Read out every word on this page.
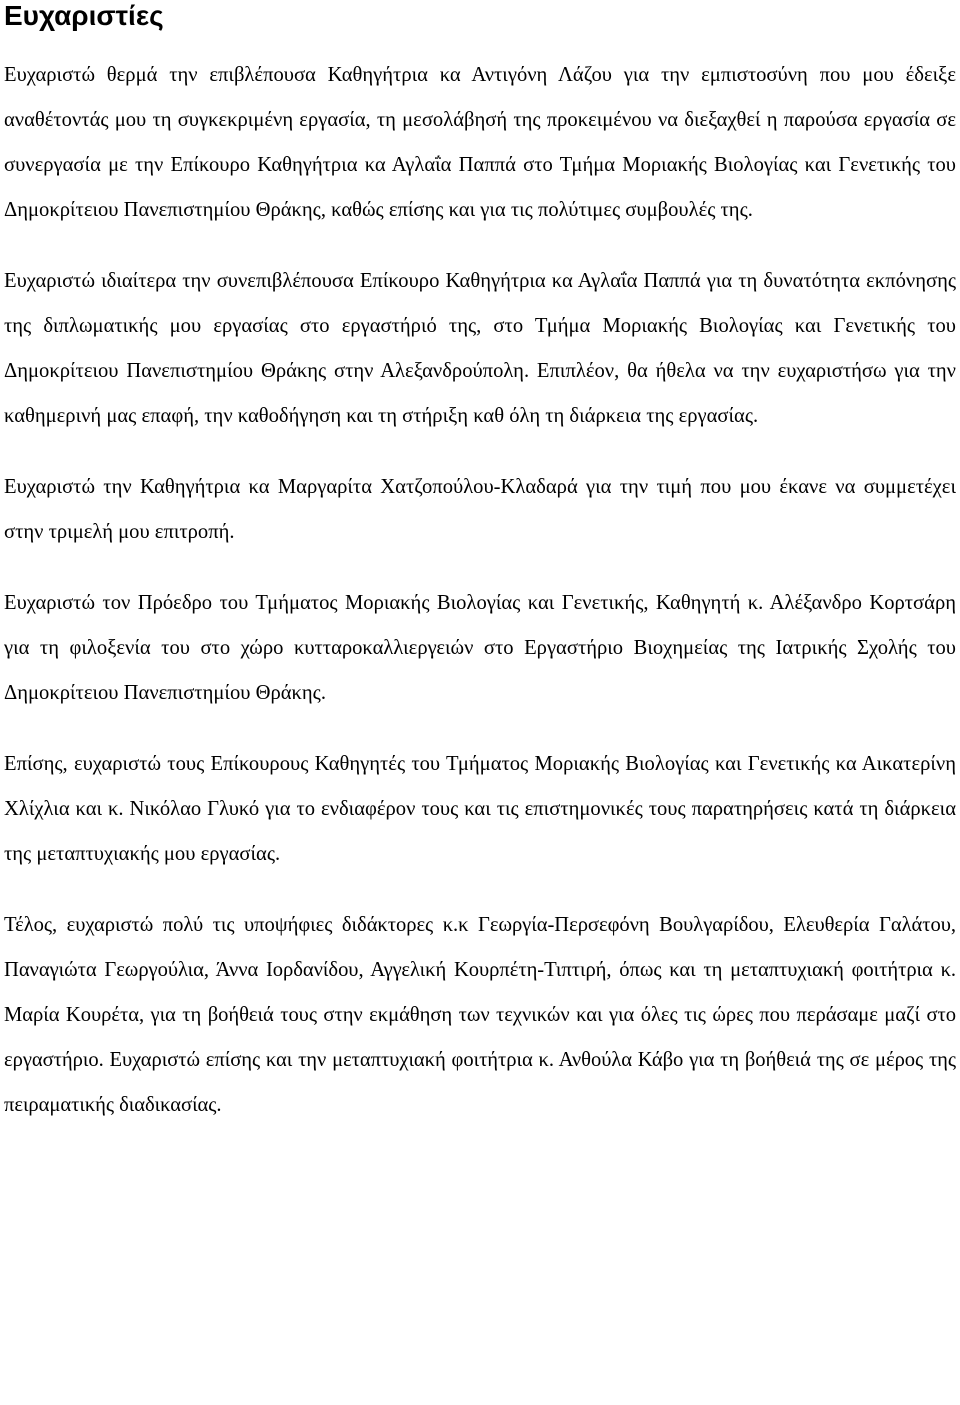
Ευχαριστίες

Ευχαριστώ θερμά την επιβλέπουσα Καθηγήτρια κα Αντιγόνη Λάζου για την εμπιστοσύνη που μου έδειξε αναθέτοντάς μου τη συγκεκριμένη εργασία, τη μεσολάβησή της προκειμένου να διεξαχθεί η παρούσα εργασία σε συνεργασία με την Επίκουρο Καθηγήτρια κα Αγλαΐα Παππά στο Τμήμα Μοριακής Βιολογίας και Γενετικής του Δημοκρίτειου Πανεπιστημίου Θράκης, καθώς επίσης και για τις πολύτιμες συμβουλές της.

Ευχαριστώ ιδιαίτερα την συνεπιβλέπουσα Επίκουρο Καθηγήτρια κα Αγλαΐα Παππά για τη δυνατότητα εκπόνησης της διπλωματικής μου εργασίας στο εργαστήριό της, στο Τμήμα Μοριακής Βιολογίας και Γενετικής του Δημοκρίτειου Πανεπιστημίου Θράκης στην Αλεξανδρούπολη. Επιπλέον, θα ήθελα να την ευχαριστήσω για την καθημερινή μας επαφή, την καθοδήγηση και τη στήριξη καθ όλη τη διάρκεια της εργασίας.

Ευχαριστώ την Καθηγήτρια κα Μαργαρίτα Χατζοπούλου-Κλαδαρά για την τιμή που μου έκανε να συμμετέχει στην τριμελή μου επιτροπή.

Ευχαριστώ τον Πρόεδρο του Τμήματος Μοριακής Βιολογίας και Γενετικής, Καθηγητή κ. Αλέξανδρο Κορτσάρη για τη φιλοξενία του στο χώρο κυτταροκαλλιεργειών στο Εργαστήριο Βιοχημείας της Ιατρικής Σχολής του Δημοκρίτειου Πανεπιστημίου Θράκης.

Επίσης, ευχαριστώ τους Επίκουρους Καθηγητές του Τμήματος Μοριακής Βιολογίας και Γενετικής κα Αικατερίνη Χλίχλια και κ. Νικόλαο Γλυκό για το ενδιαφέρον τους και τις επιστημονικές τους παρατηρήσεις κατά τη διάρκεια της μεταπτυχιακής μου εργασίας.

Τέλος, ευχαριστώ πολύ τις υποψήφιες διδάκτορες κ.κ Γεωργία-Περσεφόνη Βουλγαρίδου, Ελευθερία Γαλάτου, Παναγιώτα Γεωργούλια, Άννα Ιορδανίδου, Αγγελική Κουρπέτη-Τιπτιρή, όπως και τη μεταπτυχιακή φοιτήτρια κ. Μαρία Κουρέτα, για τη βοήθειά τους στην εκμάθηση των τεχνικών και για όλες τις ώρες που περάσαμε μαζί στο εργαστήριο. Ευχαριστώ επίσης και την μεταπτυχιακή φοιτήτρια κ. Ανθούλα Κάβο για τη βοήθειά της σε μέρος της πειραματικής διαδικασίας.
